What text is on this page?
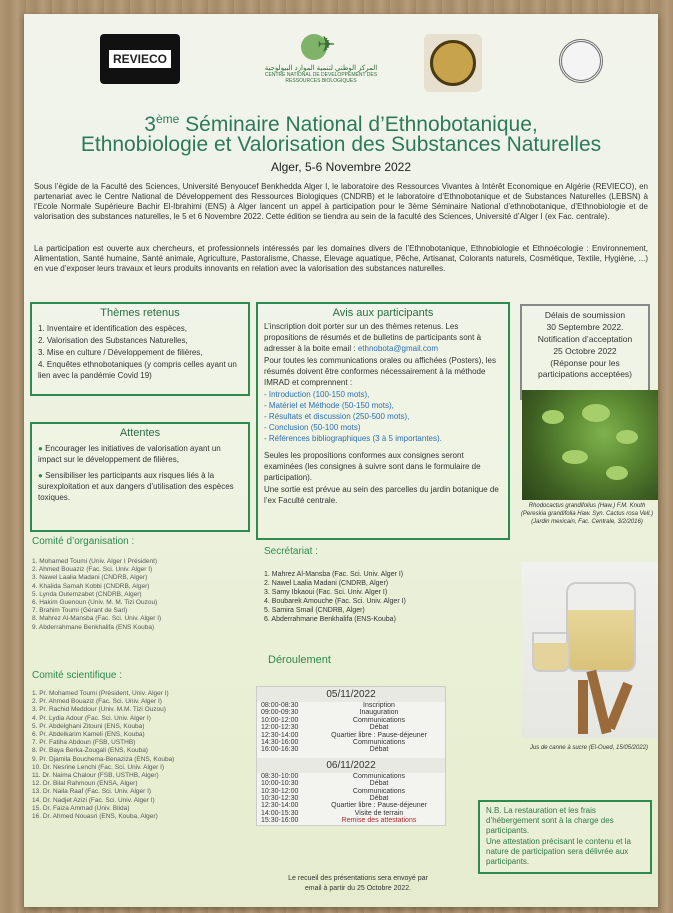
REVIECO
✈
المركز الوطني لتنمية الموارد البيولوجية
CENTRE NATIONAL DE DEVELOPPEMENT DES RESSOURCES BIOLOGIQUES
3ème Séminaire National d’Ethnobotanique,
Ethnobiologie et Valorisation des Substances Naturelles
Alger, 5-6 Novembre 2022
Sous l’égide de la Faculté des Sciences, Université Benyoucef Benkhedda Alger I, le laboratoire des Ressources Vivantes à Intérêt Economique en Algérie (REVIECO), en partenariat avec le Centre National de Développement des Ressources Biologiques (CNDRB) et le laboratoire d’Ethnobotanique et de Substances Naturelles (LEBSN) à l’Ecole Normale Supérieure Bachir El-Ibrahimi (ENS) à Alger lancent un appel à participation pour le 3ème Séminaire National d’ethnobotanique, d’Ethnobiologie et de valorisation des substances naturelles, le 5 et 6 Novembre 2022. Cette édition se tiendra au sein de la faculté des Sciences, Université d’Alger I (ex Fac. centrale).
La participation est ouverte aux chercheurs, et professionnels intéressés par les domaines divers de l’Ethnobotanique, Ethnobiologie et Ethnoécologie : Environnement, Alimentation, Santé humaine, Santé animale, Agriculture, Pastoralisme, Chasse, Elevage aquatique, Pêche, Artisanat, Colorants naturels, Cosmétique, Textile, Hygiène, ...) en vue d’exposer leurs travaux et leurs produits innovants en relation avec la valorisation des substances naturelles.
Thèmes retenus
1. Inventaire et identification des espèces,
2. Valorisation des Substances Naturelles,
3. Mise en culture / Développement de filières,
4. Enquêtes ethnobotaniques (y compris celles ayant un lien avec la pandémie Covid 19)
Attentes
● Encourager les initiatives de valorisation ayant un impact sur le développement de filières,
● Sensibiliser les participants aux risques liés à la surexploitation et aux dangers d’utilisation des espèces toxiques.
Avis aux participants
L’inscription doit porter sur un des thèmes retenus. Les propositions de résumés et de bulletins de participants sont à adresser à la boite email : ethnobota@gmail.com
Pour toutes les communications orales ou affichées (Posters), les résumés doivent être conformes nécessairement à la méthode IMRAD et comprennent :
- Introduction (100-150 mots),
- Matériel et Méthode (50-150 mots),
- Résultats et discussion (250-500 mots),
- Conclusion (50-100 mots)
- Références bibliographiques (3 à 5 importantes).
Seules les propositions conformes aux consignes seront examinées (les consignes à suivre sont dans le formulaire de participation).
Une sortie est prévue au sein des parcelles du jardin botanique de l’ex Faculté centrale.
Délais de soumission
30 Septembre 2022.
Notification d’acceptation
25 Octobre 2022
(Réponse pour les participations acceptées)
Rhodocactus grandifolius (Haw.) F.M. Knuth
(Pereskia grandifolia Haw. Syn. Cactus rosa Vell.)
(Jardin mexicain, Fac. Centrale, 3/2/2016)
Comité d’organisation :
1. Mohamed Toumi (Univ. Alger I Président)
2. Ahmed Bouaziz (Fac. Sci. Univ. Alger I)
3. Nawel Laalia Madani (CNDRB, Alger)
4. Khalida Samah Kobbi (CNDRB, Alger)
5. Lynda Outemzabet (CNDRB, Alger)
6. Hakim Guenoun (Univ. M. M. Tizi Ouzou)
7. Brahim Toumi (Gérant de Sarl)
8. Mahrez Al-Mansba (Fac. Sci. Univ. Alger I)
9. Abderrahmane Benkhalifa (ENS Kouba)
Comité scientifique :
1. Pr. Mohamed Toumi (Président, Univ. Alger I)
2. Pr. Ahmed Bouaziz (Fac. Sci. Univ. Alger I)
3. Pr. Rachid Meddour (Univ. M.M. Tizi Ouzou)
4. Pr. Lydia Adour (Fac. Sci. Univ. Alger I)
5. Pr. Abdelghani Zitouni (ENS, Kouba)
6. Pr. Abdelkarim Kameli (ENS, Kouba)
7. Pr. Fatiha Abdoun (FSB, USTHB)
8. Pr. Baya Berka-Zougali (ENS, Kouba)
9. Pr. Djamila Bouchema-Benaziza (ENS, Kouba)
10. Dr. Nesrine Lenchi (Fac. Sci. Univ. Alger I)
11. Dr. Naima Chalour (FSB, USTHB, Alger)
12. Dr. Bilal Rahmoun (ENSA, Alger)
13. Dr. Naila Raaf (Fac. Sci. Univ. Alger I)
14. Dr. Nadjet Azizi (Fac. Sci. Univ. Alger I)
15. Dr. Faiza Ammad (Univ. Blida)
16. Dr. Ahmed Nouasri (ENS, Kouba, Alger)
Secrétariat :
1. Mahrez Al-Mansba (Fac. Sci. Univ. Alger I)
2. Nawel Laalia Madani (CNDRB, Alger)
3. Samy Ibkaoui (Fac. Sci. Univ. Alger I)
4. Boubarek Amouche (Fac. Sci. Univ. Alger I)
5. Samira Smail (CNDRB, Alger)
6. Abderrahmane Benkhalifa (ENS-Kouba)
Déroulement
05/11/2022
08:00-08:30	Inscription
09:00-09:30	Inauguration
10:00-12:00	Communications
12:00-12:30	Débat
12:30-14:00	Quartier libre : Pause-déjeuner
14:30-16:00	Communications
16:00-16:30	Débat
06/11/2022
08:30-10:00	Communications
10:00-10:30	Débat
10:30-12:00	Communications
10:30-12:30	Débat
12:30-14:00	Quartier libre : Pause-déjeuner
14:00-15:30	Visite de terrain
15:30-16:00	Remise des attestations
Le recueil des présentations sera envoyé par
email à partir du 25 Octobre 2022.
Jus de canne à sucre (El-Oued, 15/05/2022)
N.B. La restauration et les frais d’hébergement sont à la charge des participants.
Une attestation précisant le contenu et la nature de participation sera délivrée aux participants.
